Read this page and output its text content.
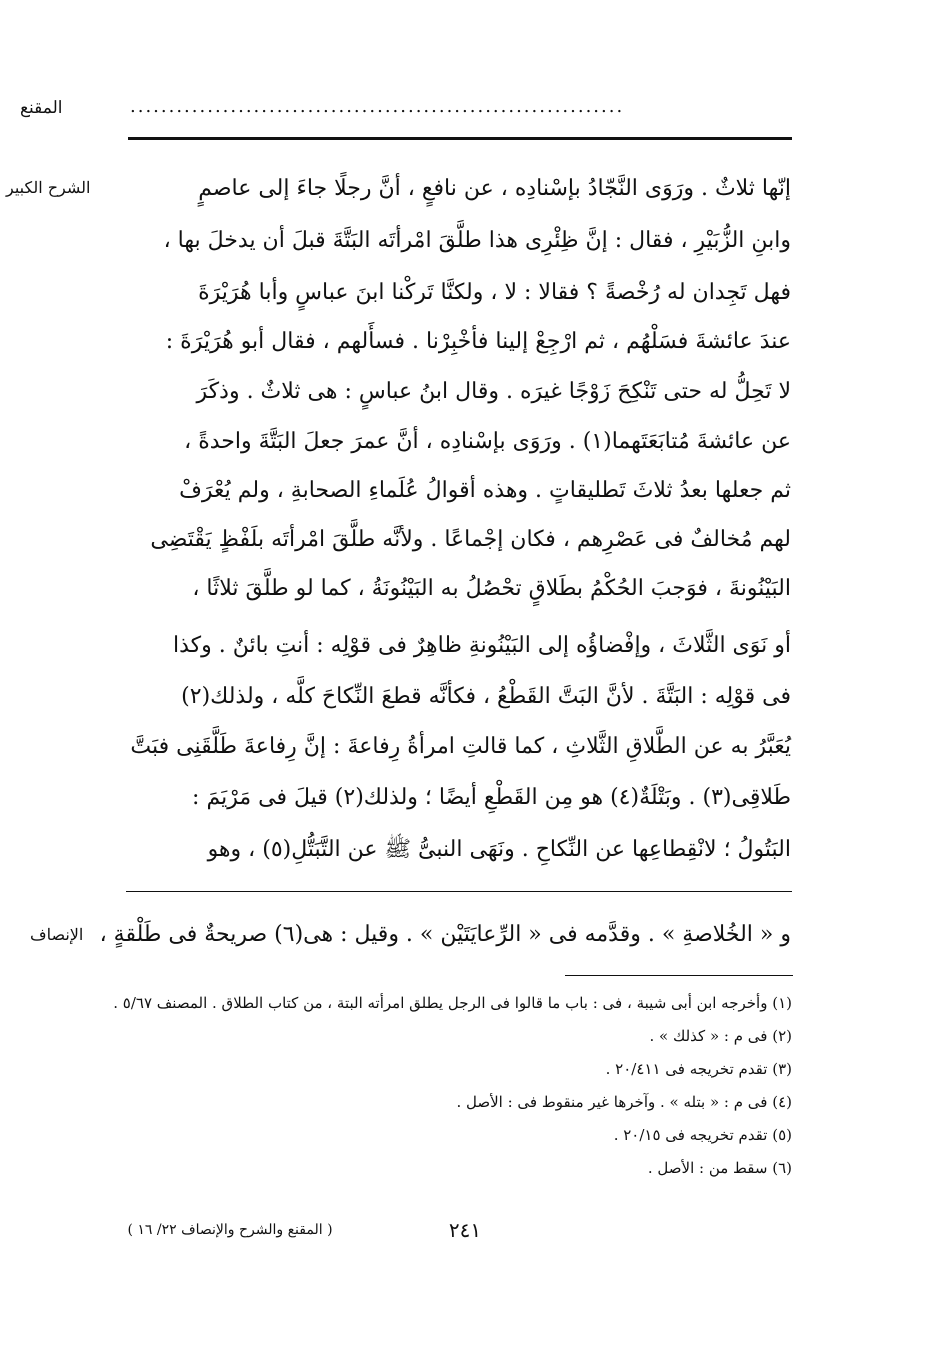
المقنع	................................................................
الشرح الكبير	إنّها ثلاثٌ . ورَوَى النَّجّادُ بإسْنادِه ، عن نافعٍ ، أنَّ رجلًا جاءَ إلى عاصمٍ
وابنِ الزُّبَيْرِ ، فقال : إنَّ ظِئْرِى هذا طلَّقَ امْرأتَه البَتَّةَ قبلَ أن يدخلَ بها ،
فهل تَجِدان له رُخْصةً ؟ فقالا : لا ، ولكنَّا تَركْنا ابنَ عباسٍ وأبا هُرَيْرَةَ
عندَ عائشةَ فسَلْهُم ، ثم ارْجِعْ إلينا فأخْبِرْنا . فسأَلهم ، فقال أبو هُرَيْرَةَ :
لا تَحِلُّ له حتى تَنْكِحَ زَوْجًا غيرَه . وقال ابنُ عباسٍ : هى ثلاثٌ . وذكَرَ
عن عائشةَ مُتابَعَتَهما(١) . ورَوَى بإسْنادِه ، أنَّ عمرَ جعلَ البَتَّةَ واحدةً ،
ثم جعلها بعدُ ثلاثَ تَطليقاتٍ . وهذه أقوالُ عُلَماءِ الصحابةِ ، ولم يُعْرَفْ
لهم مُخالفٌ فى عَصْرِهم ، فكان إجْماعًا . ولأنَّه طلَّقَ امْرأتَه بلَفْظٍ يَقْتَضِى
البَيْنُونةَ ، فوَجبَ الحُكْمُ بطَلاقٍ تحْصُلُ به البَيْنُونَةُ ، كما لو طلَّقَ ثلاثًا ،
أو نَوَى الثَّلاثَ ، وإفْضاؤُه إلى البَيْنُونةِ ظاهِرٌ فى قوْلِه : أنتِ بائنٌ . وكذا
فى قوْلِه : البَتَّةَ . لأنَّ البَتَّ القَطْعُ ، فكأنَّه قطعَ النِّكاحَ كلَّه ، ولذلك(٢)
يُعَبَّرُ به عن الطَّلاقِ الثَّلاثِ ، كما قالتِ امرأةُ رِفاعةَ : إنَّ رِفاعةَ طَلَّقَنِى فبَتَّ
طَلاقِى(٣) . وبَتْلَةٌ(٤) هو مِن القَطْعِ أيضًا ؛ ولذلك(٢) قيلَ فى مَرْيَمَ :
البَتُولُ ؛ لانْقِطاعِها عن النِّكاحِ . ونَهَى النبىُّ ﷺ عن التَّبَتُّلِ(٥) ، وهو
الإنصاف و « الخُلاصةِ » . وقدَّمه فى « الرِّعايَتَيْن » . وقيل : هى(٦) صريحةٌ فى طَلْقةٍ ،
(١) وأخرجه ابن أبى شيبة ، فى : باب ما قالوا فى الرجل يطلق امرأته البتة ، من كتاب الطلاق . المصنف ٥/٦٧ .
(٢) فى م : « كذلك » .
(٣) تقدم تخريجه فى ٢٠/٤١١ .
(٤) فى م : « بتله » . وآخرها غير منقوط فى : الأصل .
(٥) تقدم تخريجه فى ٢٠/١٥ .
(٦) سقط من : الأصل .
٢٤١
( المقنع والشرح والإنصاف ٢٢/ ١٦ )
